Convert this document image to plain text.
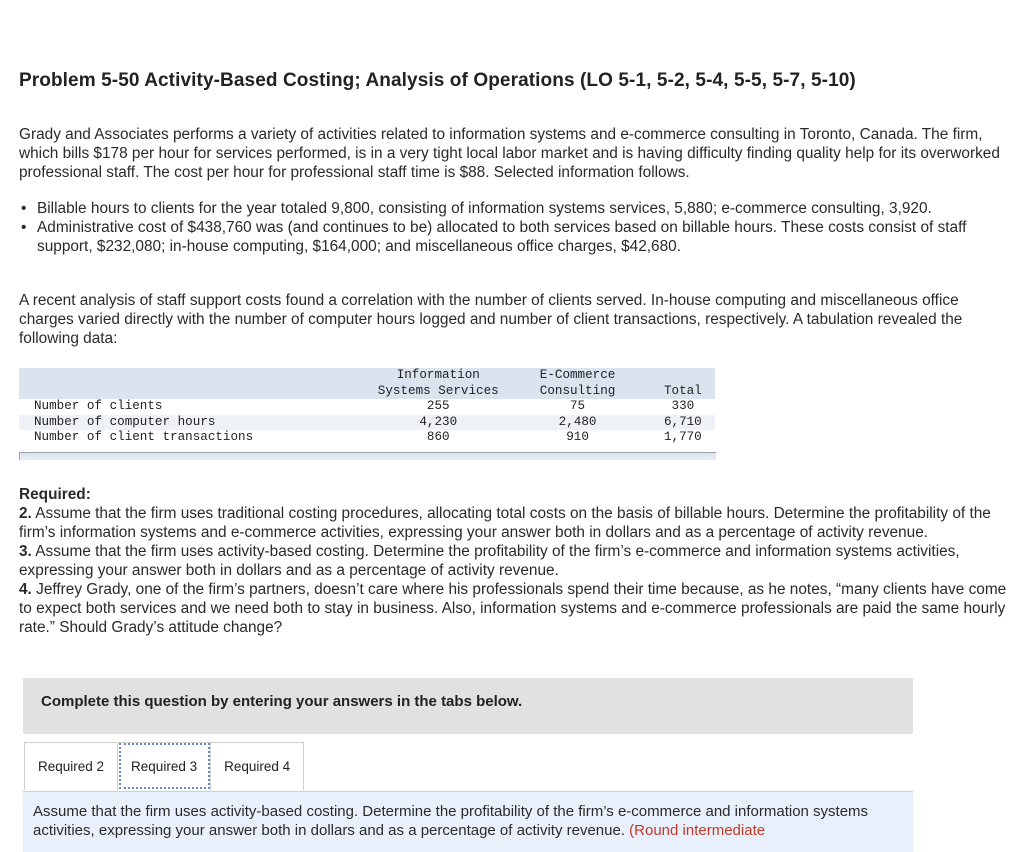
Problem 5-50 Activity-Based Costing; Analysis of Operations (LO 5-1, 5-2, 5-4, 5-5, 5-7, 5-10)
Grady and Associates performs a variety of activities related to information systems and e-commerce consulting in Toronto, Canada. The firm, which bills $178 per hour for services performed, is in a very tight local labor market and is having difficulty finding quality help for its overworked professional staff. The cost per hour for professional staff time is $88. Selected information follows.
• Billable hours to clients for the year totaled 9,800, consisting of information systems services, 5,880; e-commerce consulting, 3,920.
• Administrative cost of $438,760 was (and continues to be) allocated to both services based on billable hours. These costs consist of staff support, $232,080; in-house computing, $164,000; and miscellaneous office charges, $42,680.
A recent analysis of staff support costs found a correlation with the number of clients served. In-house computing and miscellaneous office charges varied directly with the number of computer hours logged and number of client transactions, respectively. A tabulation revealed the following data:
	Information	E-Commerce	
	Systems Services	Consulting	Total
Number of clients	255	75	330
Number of computer hours	4,230	2,480	6,710
Number of client transactions	860	910	1,770
Required:
2. Assume that the firm uses traditional costing procedures, allocating total costs on the basis of billable hours. Determine the profitability of the firm’s information systems and e-commerce activities, expressing your answer both in dollars and as a percentage of activity revenue.
3. Assume that the firm uses activity-based costing. Determine the profitability of the firm’s e-commerce and information systems activities, expressing your answer both in dollars and as a percentage of activity revenue.
4. Jeffrey Grady, one of the firm’s partners, doesn’t care where his professionals spend their time because, as he notes, “many clients have come to expect both services and we need both to stay in business. Also, information systems and e-commerce professionals are paid the same hourly rate.” Should Grady’s attitude change?
Complete this question by entering your answers in the tabs below.
Required 2	Required 3	Required 4
Assume that the firm uses activity-based costing. Determine the profitability of the firm’s e-commerce and information systems activities, expressing your answer both in dollars and as a percentage of activity revenue. (Round intermediate
